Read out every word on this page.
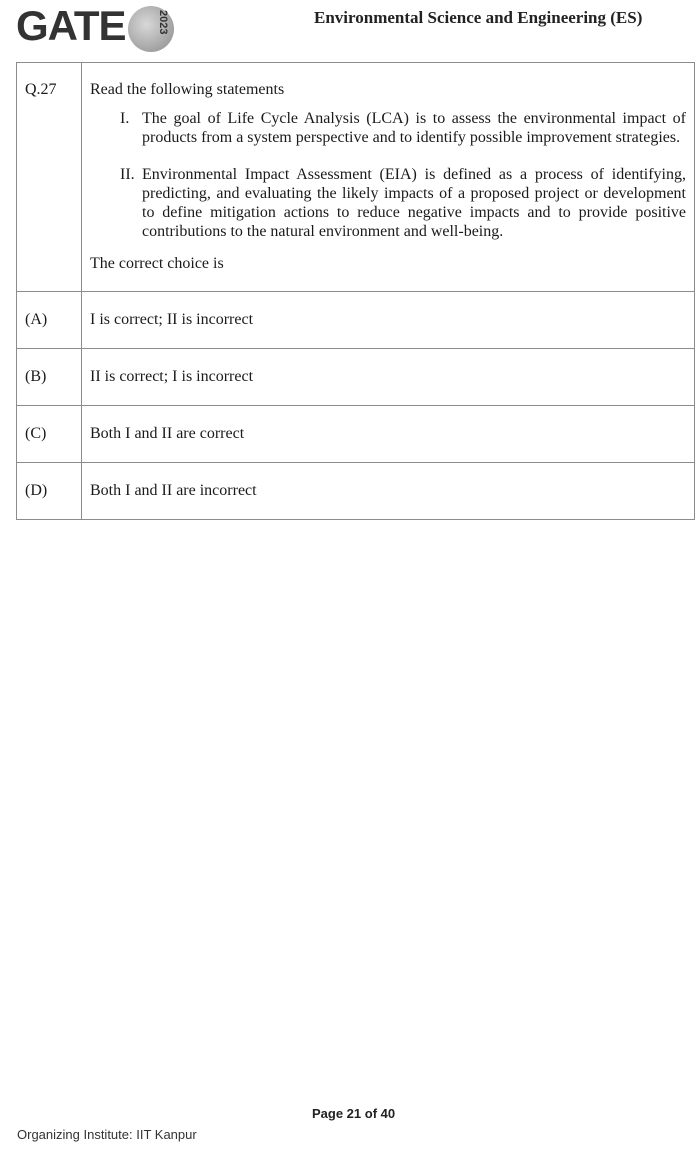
GATE	2023	Environmental Science and Engineering (ES)
Q.27	Read the following statements
I. The goal of Life Cycle Analysis (LCA) is to assess the environmental impact of products from a system perspective and to identify possible improvement strategies.
II. Environmental Impact Assessment (EIA) is defined as a process of identifying, predicting, and evaluating the likely impacts of a proposed project or development to define mitigation actions to reduce negative impacts and to provide positive contributions to the natural environment and well-being.
The correct choice is

(A)	I is correct; II is incorrect
(B)	II is correct; I is incorrect
(C)	Both I and II are correct
(D)	Both I and II are incorrect
Page 21 of 40
Organizing Institute: IIT Kanpur
